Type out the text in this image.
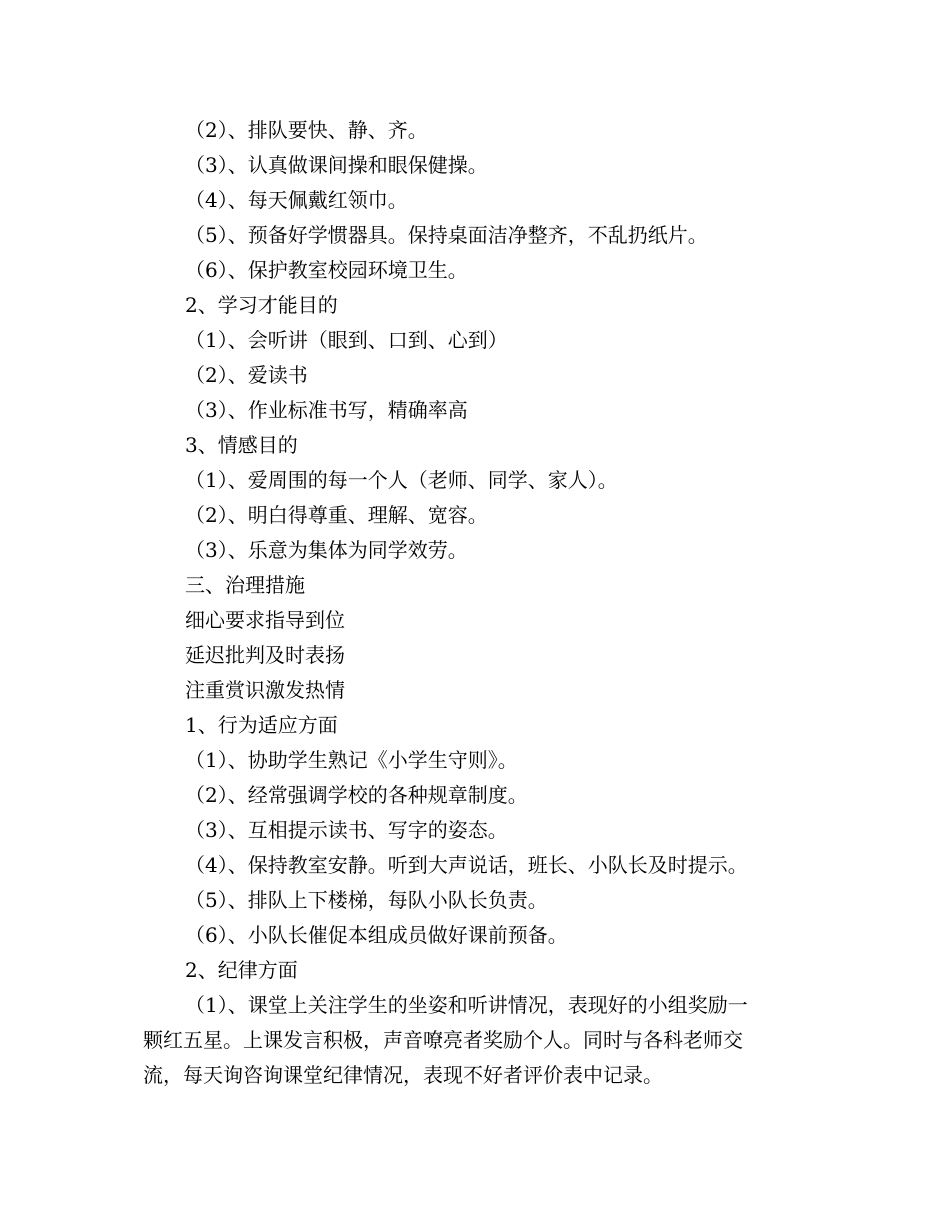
（2）、排队要快、静、齐。
（3）、认真做课间操和眼保健操。
（4）、每天佩戴红领巾。
（5）、预备好学惯器具。保持桌面洁净整齐，不乱扔纸片。
（6）、保护教室校园环境卫生。
2、学习才能目的
（1）、会听讲（眼到、口到、心到）
（2）、爱读书
（3）、作业标准书写，精确率高
3、情感目的
（1）、爱周围的每一个人（老师、同学、家人）。
（2）、明白得尊重、理解、宽容。
（3）、乐意为集体为同学效劳。
三、治理措施
细心要求指导到位
延迟批判及时表扬
注重赏识激发热情
1、行为适应方面
（1）、协助学生熟记《小学生守则》。
（2）、经常强调学校的各种规章制度。
（3）、互相提示读书、写字的姿态。
（4）、保持教室安静。听到大声说话，班长、小队长及时提示。
（5）、排队上下楼梯，每队小队长负责。
（6）、小队长催促本组成员做好课前预备。
2、纪律方面
（1）、课堂上关注学生的坐姿和听讲情况，表现好的小组奖励一
颗红五星。上课发言积极，声音嘹亮者奖励个人。同时与各科老师交
流，每天询咨询课堂纪律情况，表现不好者评价表中记录。
